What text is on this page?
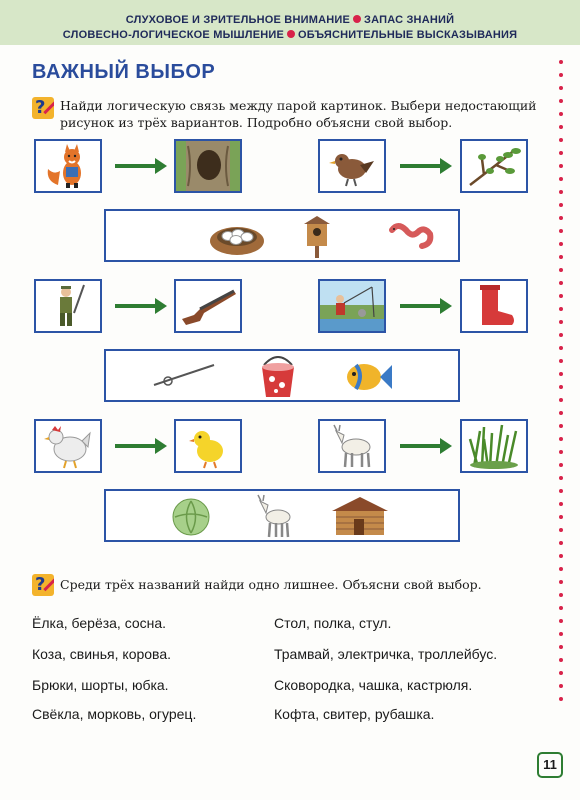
СЛУХОВОЕ И ЗРИТЕЛЬНОЕ ВНИМАНИЕ ЗАПАС ЗНАНИЙ
СЛОВЕСНО-ЛОГИЧЕСКОЕ МЫШЛЕНИЕ ОБЪЯСНИТЕЛЬНЫЕ ВЫСКАЗЫВАНИЯ
ВАЖНЫЙ ВЫБОР
? Найди логическую связь между парой картинок. Выбери недостающий
рисунок из трёх вариантов. Подробно объясни свой выбор.
? Среди трёх названий найди одно лишнее. Объясни свой выбор.
Ёлка, берёза, сосна.
Коза, свинья, корова.
Брюки, шорты, юбка.
Свёкла, морковь, огурец.
Стол, полка, стул.
Трамвай, электричка, троллейбус.
Сковородка, чашка, кастрюля.
Кофта, свитер, рубашка.
11
